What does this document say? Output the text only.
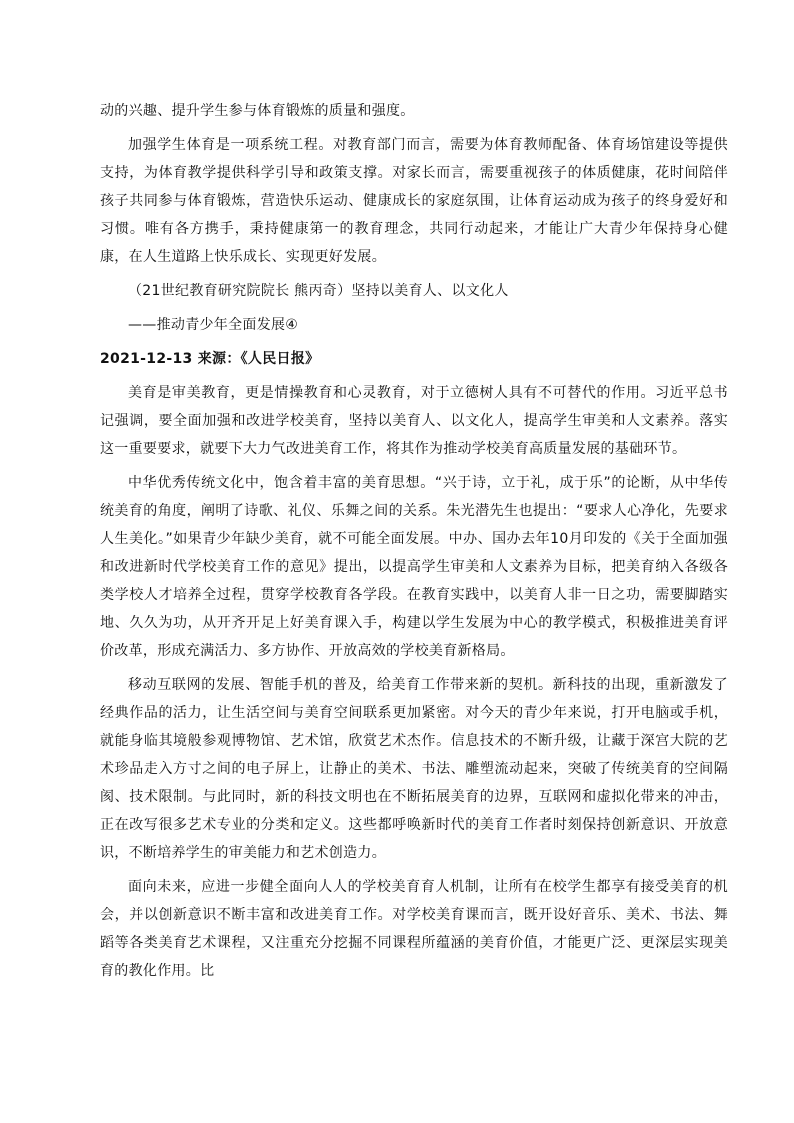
动的兴趣、提升学生参与体育锻炼的质量和强度。

加强学生体育是一项系统工程。对教育部门而言，需要为体育教师配备、体育场馆建设等提供支持，为体育教学提供科学引导和政策支撑。对家长而言，需要重视孩子的体质健康，花时间陪伴孩子共同参与体育锻炼，营造快乐运动、健康成长的家庭氛围，让体育运动成为孩子的终身爱好和习惯。唯有各方携手，秉持健康第一的教育理念，共同行动起来，才能让广大青少年保持身心健康，在人生道路上快乐成长、实现更好发展。

（21世纪教育研究院院长 熊丙奇）坚持以美育人、以文化人

——推动青少年全面发展④

2021-12-13 来源：《人民日报》

美育是审美教育，更是情操教育和心灵教育，对于立德树人具有不可替代的作用。习近平总书记强调，要全面加强和改进学校美育，坚持以美育人、以文化人，提高学生审美和人文素养。落实这一重要要求，就要下大力气改进美育工作，将其作为推动学校美育高质量发展的基础环节。

中华优秀传统文化中，饱含着丰富的美育思想。“兴于诗，立于礼，成于乐”的论断，从中华传统美育的角度，阐明了诗歌、礼仪、乐舞之间的关系。朱光潜先生也提出：“要求人心净化，先要求人生美化。”如果青少年缺少美育，就不可能全面发展。中办、国办去年10月印发的《关于全面加强和改进新时代学校美育工作的意见》提出，以提高学生审美和人文素养为目标，把美育纳入各级各类学校人才培养全过程，贯穿学校教育各学段。在教育实践中，以美育人非一日之功，需要脚踏实地、久久为功，从开齐开足上好美育课入手，构建以学生发展为中心的教学模式，积极推进美育评价改革，形成充满活力、多方协作、开放高效的学校美育新格局。

移动互联网的发展、智能手机的普及，给美育工作带来新的契机。新科技的出现，重新激发了经典作品的活力，让生活空间与美育空间联系更加紧密。对今天的青少年来说，打开电脑或手机，就能身临其境般参观博物馆、艺术馆，欣赏艺术杰作。信息技术的不断升级，让藏于深宫大院的艺术珍品走入方寸之间的电子屏上，让静止的美术、书法、雕塑流动起来，突破了传统美育的空间隔阂、技术限制。与此同时，新的科技文明也在不断拓展美育的边界，互联网和虚拟化带来的冲击，正在改写很多艺术专业的分类和定义。这些都呼唤新时代的美育工作者时刻保持创新意识、开放意识，不断培养学生的审美能力和艺术创造力。

面向未来，应进一步健全面向人人的学校美育育人机制，让所有在校学生都享有接受美育的机会，并以创新意识不断丰富和改进美育工作。对学校美育课而言，既开设好音乐、美术、书法、舞蹈等各类美育艺术课程，又注重充分挖掘不同课程所蕴涵的美育价值，才能更广泛、更深层实现美育的教化作用。比
